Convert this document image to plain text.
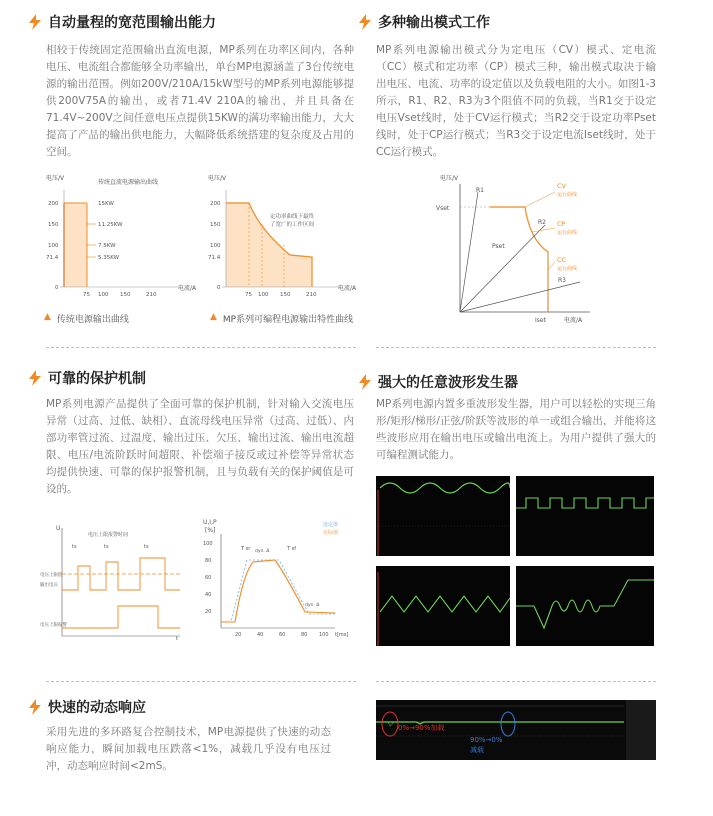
自动量程的宽范围输出能力
相较于传统固定范围输出直流电源，MP系列在功率区间内，各种电压、电流组合都能够全功率输出，单台MP电源涵盖了3台传统电源的输出范围。例如200V/210A/15kW型号的MP系列电源能够提供200V75A的输出，或者71.4V 210A的输出，并且具备在71.4V~200V之间任意电压点提供15KW的满功率输出能力，大大提高了产品的输出供电能力，大幅降低系统搭建的复杂度及占用的空间。
电压/V
传统直流电源输出曲线
200
150
100
71.4
0
75 100 150	210
电流/A
15KW
11.25KW
7.5KW
5.35KW
▲ 传统电源输出曲线
电压/V
200
150
100
71.4
0
75 100 150	210
电流/A
定功率曲线下最终
了宽广的工作区间
▲ MP系列可编程电源输出特性曲线
多种输出模式工作
MP系列电源输出模式分为定电压（CV）模式、定电流（CC）模式和定功率（CP）模式三种，输出模式取决于输出电压、电流、功率的设定值以及负载电阻的大小。如图1-3所示，R1、R2、R3为3个阻值不同的负载，当R1交于设定电压Vset线时，处于CV运行模式；当R2交于设定功率Pset线时，处于CP运行模式；当R3交于设定电流Iset线时，处于CC运行模式。
电压/V
Vset
Iset	电流/A
R1
R2
R3
Pset
CV
运行曲线
CP
运行曲线
CC
运行曲线
可靠的保护机制
MP系列电源产品提供了全面可靠的保护机制，针对输入交流电压异常（过高、过低、缺相）、直流母线电压异常（过高、过低）、内部功率管过流、过温度、输出过压、欠压、输出过流、输出电流超限、电压/电流阶跃时间超限、补偿端子接反或过补偿等异常状态均提供快速、可靠的保护报警机制，且与负载有关的保护阈值是可设的。
U
电压上限报警时间
t
ts	ts	ts
电压上限值
输出电压
电压上限报警
U,I,P
[%]
设定值
实际值
100
80
60
40
20
20	40	60	80 100 t[ms]
T sr	T sf
dyn. Δ
dyn. Δ
强大的任意波形发生器
MP系列电源内置多重波形发生器，用户可以轻松的实现三角形/矩形/梯形/正弦/阶跃等波形的单一或组合输出，并能将这些波形应用在输出电压或输出电流上。为用户提供了强大的可编程测试能力。
快速的动态响应
采用先进的多环路复合控制技术，MP电源提供了快速的动态响应能力，瞬间加载电压跌落<1%，减载几乎没有电压过冲，动态响应时间<2mS。
0%→90%加载
90%→0%
减载
